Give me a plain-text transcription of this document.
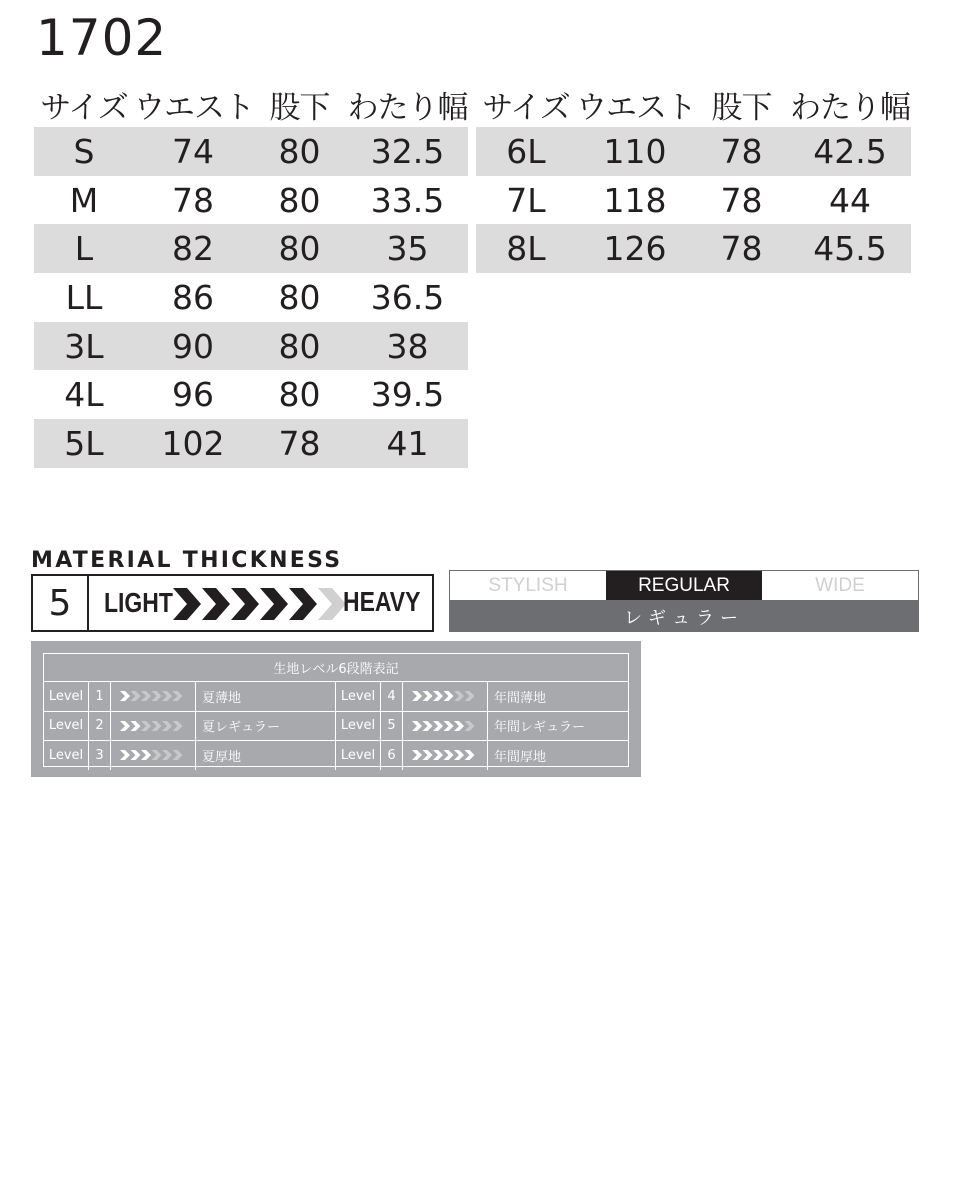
1702
サイズ	ウエスト	股下	わたり幅
S	74	80	32.5
M	78	80	33.5
L	82	80	35
LL	86	80	36.5
3L	90	80	38
4L	96	80	39.5
5L	102	78	41
サイズ	ウエスト	股下	わたり幅
6L	110	78	42.5
7L	118	78	44
8L	126	78	45.5
MATERIAL THICKNESS
5	LIGHT	HEAVY
STYLISH	REGULAR	WIDE
レギュラー
生地レベル6段階表記
Level 1	夏薄地	Level 4	年間薄地
Level 2	夏レギュラー	Level 5	年間レギュラー
Level 3	夏厚地	Level 6	年間厚地
